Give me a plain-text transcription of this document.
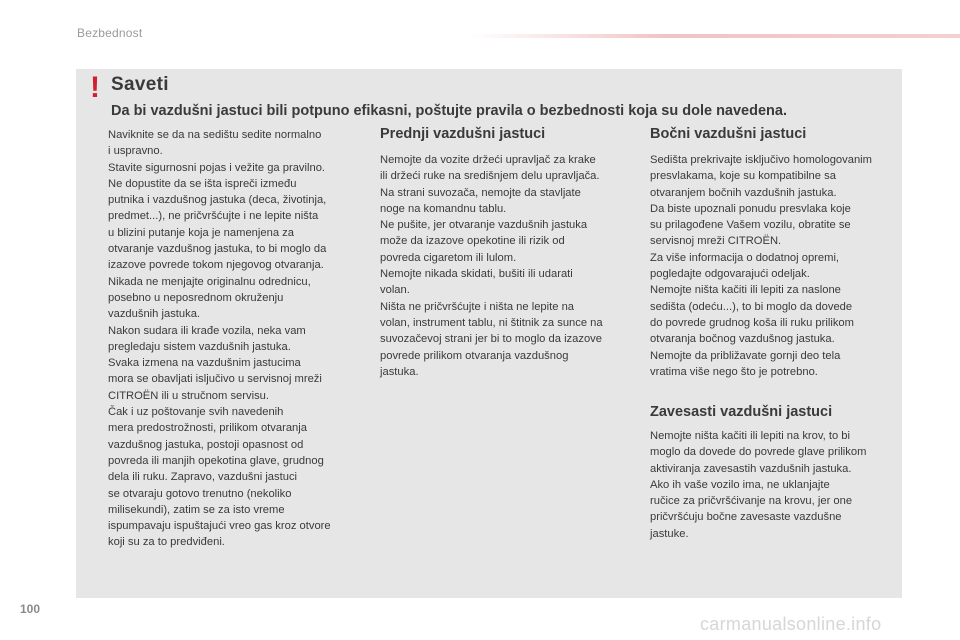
Bezbednost
! Saveti
Da bi vazdušni jastuci bili potpuno efikasni, poštujte pravila o bezbednosti koja su dole navedena.
Naviknite se da na sedištu sedite normalno
i uspravno.
Stavite sigurnosni pojas i vežite ga pravilno.
Ne dopustite da se išta ispreči između
putnika i vazdušnog jastuka (deca, životinja,
predmet...), ne pričvršćujte i ne lepite ništa
u blizini putanje koja je namenjena za
otvaranje vazdušnog jastuka, to bi moglo da
izazove povrede tokom njegovog otvaranja.
Nikada ne menjajte originalnu odrednicu,
posebno u neposrednom okruženju
vazdušnih jastuka.
Nakon sudara ili krađe vozila, neka vam
pregledaju sistem vazdušnih jastuka.
Svaka izmena na vazdušnim jastucima
mora se obavljati isljučivo u servisnoj mreži
CITROËN ili u stručnom servisu.
Čak i uz poštovanje svih navedenih
mera predostrožnosti, prilikom otvaranja
vazdušnog jastuka, postoji opasnost od
povreda ili manjih opekotina glave, grudnog
dela ili ruku. Zapravo, vazdušni jastuci
se otvaraju gotovo trenutno (nekoliko
milisekundi), zatim se za isto vreme
ispumpavaju ispuštajući vreo gas kroz otvore
koji su za to predviđeni.
Prednji vazdušni jastuci
Nemojte da vozite držeći upravljač za krake
ili držeći ruke na središnjem delu upravljača.
Na strani suvozača, nemojte da stavljate
noge na komandnu tablu.
Ne pušite, jer otvaranje vazdušnih jastuka
može da izazove opekotine ili rizik od
povreda cigaretom ili lulom.
Nemojte nikada skidati, bušiti ili udarati
volan.
Ništa ne pričvršćujte i ništa ne lepite na
volan, instrument tablu, ni štitnik za sunce na
suvozačevoj strani jer bi to moglo da izazove
povrede prilikom otvaranja vazdušnog
jastuka.
Bočni vazdušni jastuci
Sedišta prekrivajte isključivo homologovanim
presvlakama, koje su kompatibilne sa
otvaranjem bočnih vazdušnih jastuka.
Da biste upoznali ponudu presvlaka koje
su prilagođene Vašem vozilu, obratite se
servisnoj mreži CITROËN.
Za više informacija o dodatnoj opremi,
pogledajte odgovarajući odeljak.
Nemojte ništa kačiti ili lepiti za naslone
sedišta (odeću...), to bi moglo da dovede
do povrede grudnog koša ili ruku prilikom
otvaranja bočnog vazdušnog jastuka.
Nemojte da približavate gornji deo tela
vratima više nego što je potrebno.
Zavesasti vazdušni jastuci
Nemojte ništa kačiti ili lepiti na krov, to bi
moglo da dovede do povrede glave prilikom
aktiviranja zavesastih vazdušnih jastuka.
Ako ih vaše vozilo ima, ne uklanjajte
ručice za pričvršćivanje na krovu, jer one
pričvršćuju bočne zavesaste vazdušne
jastuke.
100
carmanualsonline.info
